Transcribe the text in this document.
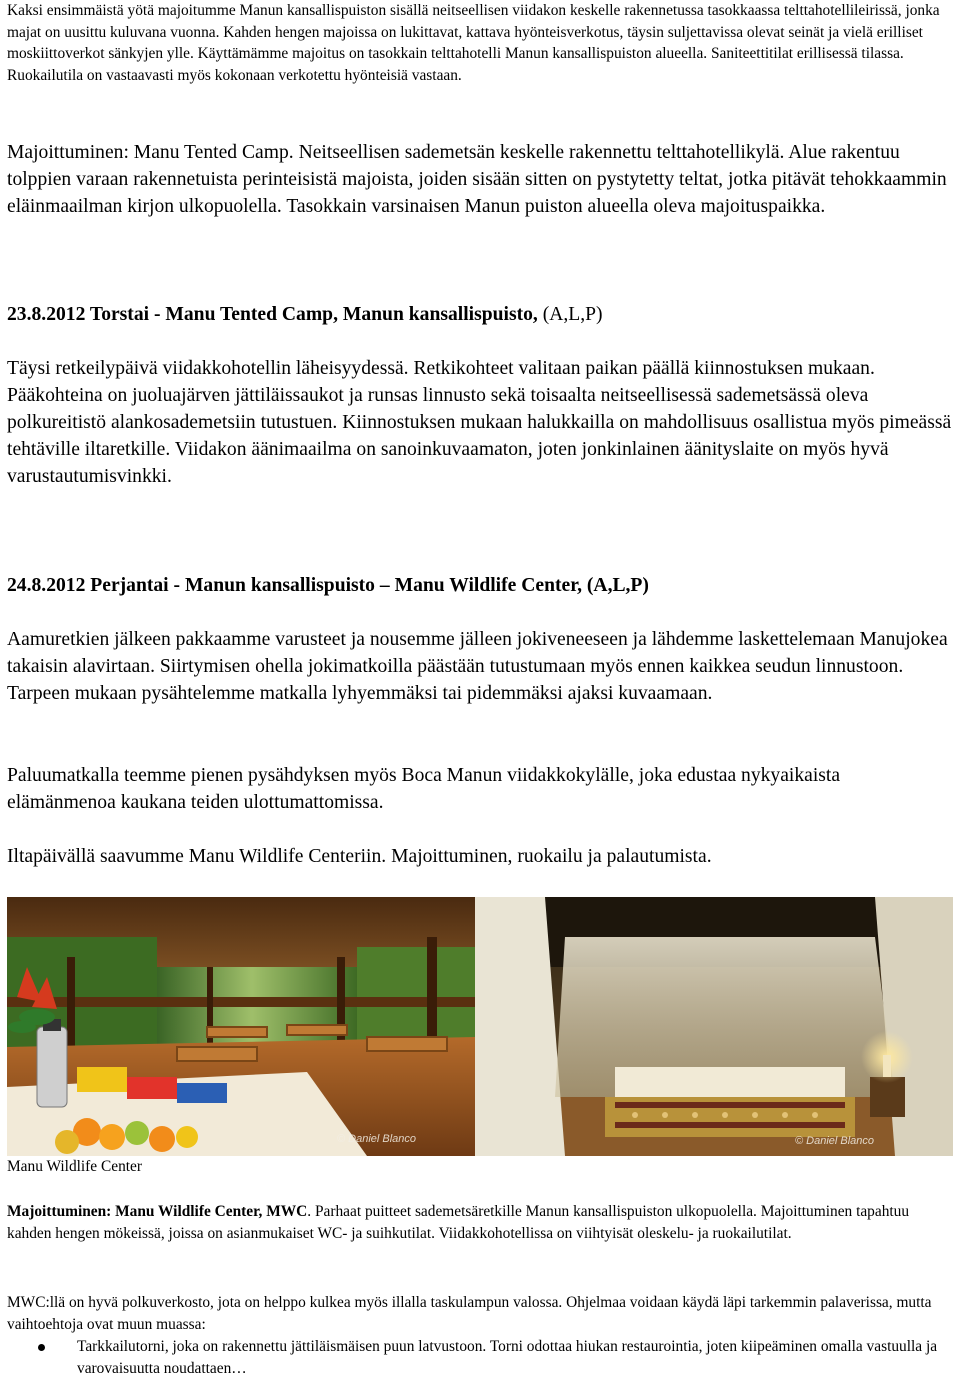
Kaksi ensimmäistä yötä majoitumme Manun kansallispuiston sisällä neitseellisen viidakon keskelle rakennetussa tasokkaassa telttahotellileirissä, jonka majat on uusittu kuluvana vuonna. Kahden hengen majoissa on lukittavat, kattava hyönteisverkotus, täysin suljettavissa olevat seinät ja vielä erilliset moskiittoverkot sänkyjen ylle. Käyttämämme majoitus on tasokkain telttahotelli Manun kansallispuiston alueella. Saniteettitilat erillisessä tilassa. Ruokailutila on vastaavasti myös kokonaan verkotettu hyönteisiä vastaan.

Majoittuminen: Manu Tented Camp. Neitseellisen sademetsän keskelle rakennettu telttahotellikylä. Alue rakentuu tolppien varaan rakennetuista perinteisistä majoista, joiden sisään sitten on pystytetty teltat, jotka pitävät tehokkaammin eläinmaailman kirjon ulkopuolella. Tasokkain varsinaisen Manun puiston alueella oleva majoituspaikka.

23.8.2012 Torstai - Manu Tented Camp, Manun kansallispuisto, (A,L,P)

Täysi retkeilypäivä viidakkohotellin läheisyydessä. Retkikohteet valitaan paikan päällä kiinnostuksen mukaan. Pääkohteina on juoluajärven jättiläissaukot ja runsas linnusto sekä toisaalta neitseellisessä sademetsässä oleva polkureitistö alankosademetsiin tutustuen. Kiinnostuksen mukaan halukkailla on mahdollisuus osallistua myös pimeässä tehtäville iltaretkille. Viidakon äänimaailma on sanoinkuvaamaton, joten jonkinlainen äänityslaite on myös hyvä varustautumisvinkki.

24.8.2012 Perjantai - Manun kansallispuisto – Manu Wildlife Center, (A,L,P)

Aamuretkien jälkeen pakkaamme varusteet ja nousemme jälleen jokiveneeseen ja lähdemme laskettelemaan Manujokea takaisin alavirtaan. Siirtymisen ohella jokimatkoilla päästään tutustumaan myös ennen kaikkea seudun linnustoon. Tarpeen mukaan pysähtelemme matkalla lyhyemmäksi tai pidemmäksi ajaksi kuvaamaan.

Paluumatkalla teemme pienen pysähdyksen myös Boca Manun viidakkokylälle, joka edustaa nykyaikaista elämänmenoa kaukana teiden ulottumattomissa.

Iltapäivällä saavumme Manu Wildlife Centeriin. Majoittuminen, ruokailu ja palautumista.

© Daniel Blanco	© Daniel Blanco

Manu Wildlife Center

Majoittuminen: Manu Wildlife Center, MWC. Parhaat puitteet sademetsäretkille Manun kansallispuiston ulkopuolella. Majoittuminen tapahtuu kahden hengen mökeissä, joissa on asianmukaiset WC- ja suihkutilat. Viidakkohotellissa on viihtyisät oleskelu- ja ruokailutilat.

MWC:llä on hyvä polkuverkosto, jota on helppo kulkea myös illalla taskulampun valossa. Ohjelmaa voidaan käydä läpi tarkemmin palaverissa, mutta vaihtoehtoja ovat muun muassa:

Tarkkailutorni, joka on rakennettu jättiläismäisen puun latvustoon. Torni odottaa hiukan restaurointia, joten kiipeäminen omalla vastuulla ja varovaisuutta noudattaen…
